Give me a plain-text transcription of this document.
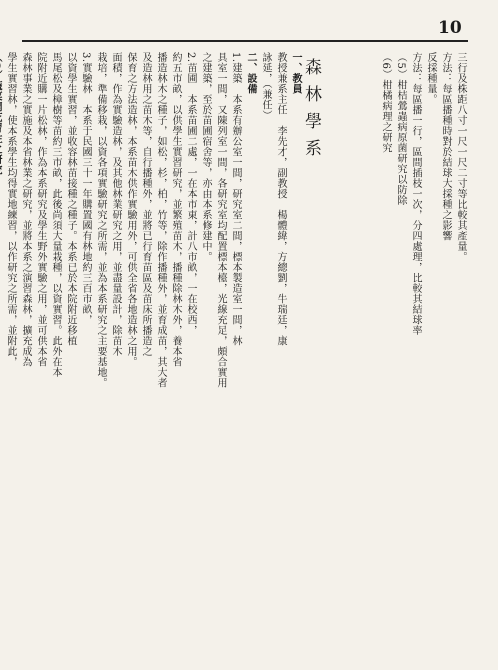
10
三行及株距八寸一尺一尺二寸等比較其產量。
方法：每區播種時對於結球大採種之影響
反採種量。
方法：每區播一行，區間插枝一次，分四處理，比較其結球率
（5）柑桔鶯蟲病原菌研究以防除
（6）柑橘病理之研究
森林學系
一、教員
教授兼系主任　李先才，副教授　楊體緯，方總劉，牛瑞廷，康
詠延，（兼任）
二、設備
1.建築　本系有辦公室一間，研究室二間，標本製造室一間，林
具室一間，又陳列室一間，各研究室均配置標本檯，光線充足，頗合實用
之建築，至於苗圃宿舍等，亦由本系修建中。
2.苗圃　本系苗圃二處，一在本市東，計八市畝，一在校西，
約五市畝，以供學生實習研究，並繁殖苗木，播種除林木外，養本省
播造林木之種子，如松，杉，柏，竹等，除作播種外，並育成苗，其大者
及造林用之苗木等，自行播種外，並將已行育苗區及苗床所播造之
保育之方法造林，本系苗木供作實驗用外，可供全省各地造林之用。
面積，作為實驗造林，及其他林業研究之用，並盡量設計，除苗木
栽培，準備移栽，以資各項實驗研究之所需，並為本系研究之主要基地。
3.實驗林　本系于民國三十一年購置國有林地約三百市畝，
以資學生實習，並收容林苗接種之種子。本系已於本院附近移植
馬尾松及樟樹等苗約三市畝，此後尚須大量栽種，以資實習。此外在本
院附近購一片松林，作為本系研究及學生野外實驗之用，並可供本省
森林事業之實施及本省林業之研究，並將本系之演習森林，擴充成為
學生實習林，使本系學生均得實地練習，以作研究之所需，並附此，
